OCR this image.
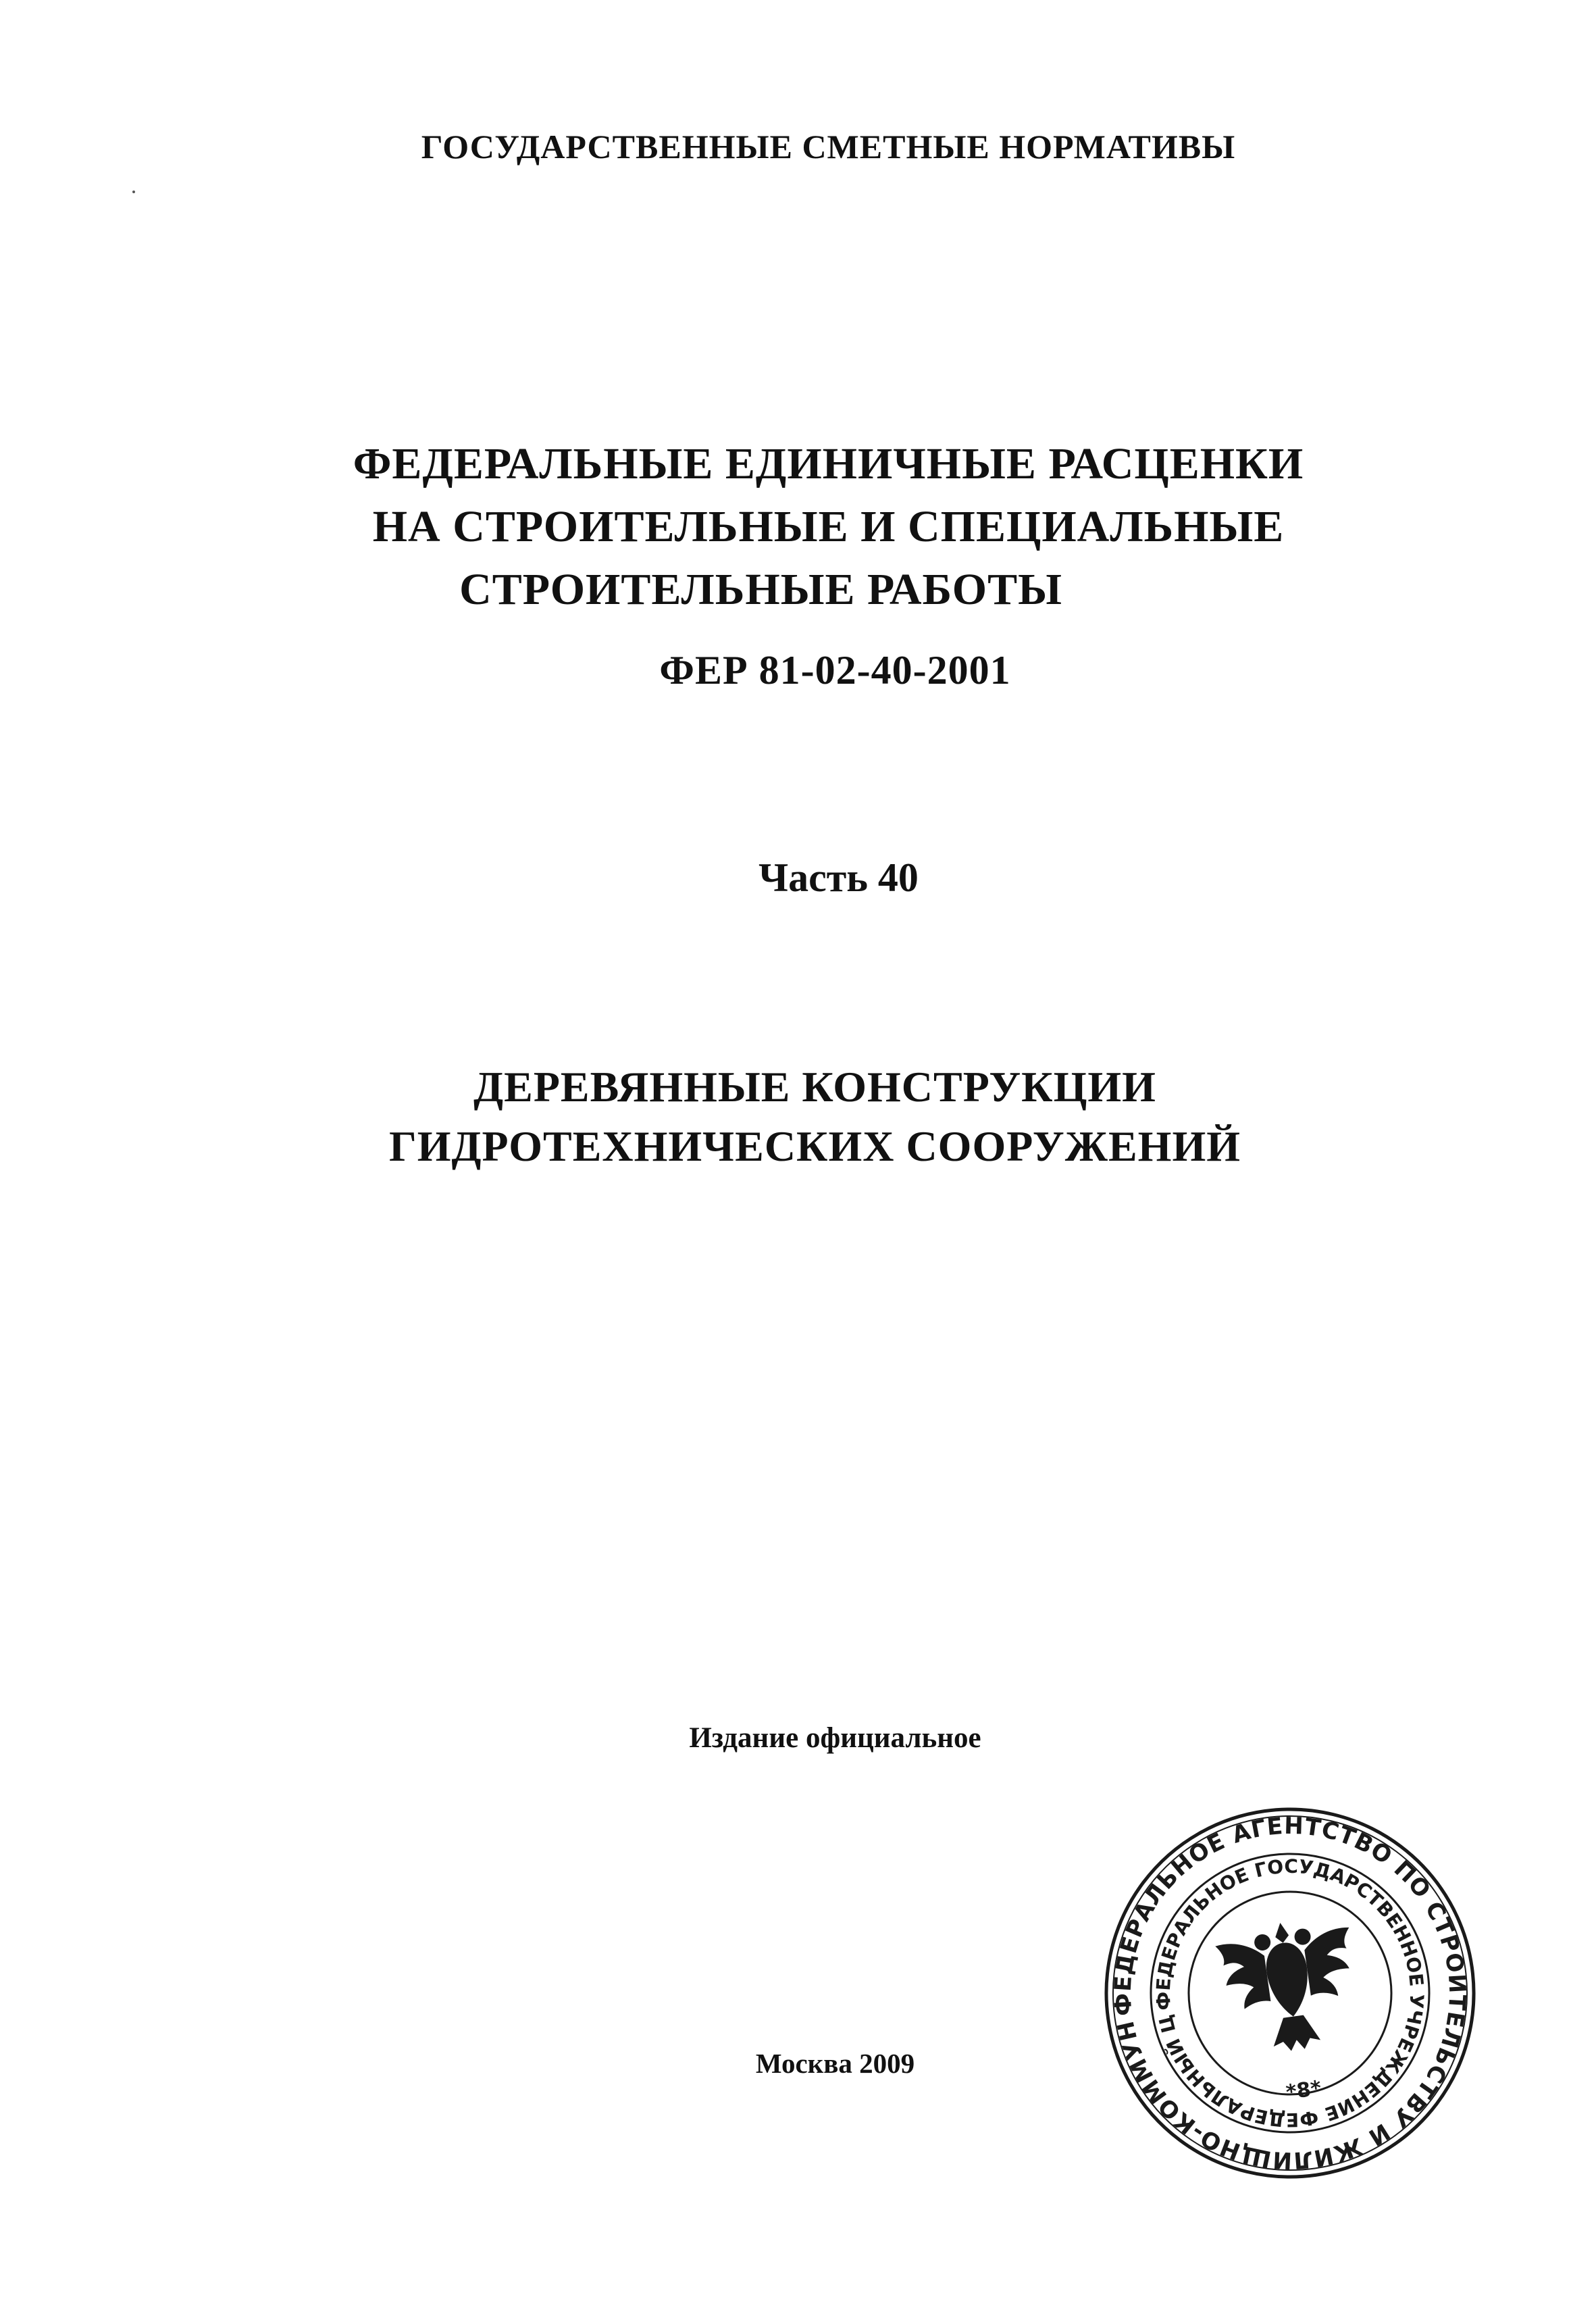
ГОСУДАРСТВЕННЫЕ СМЕТНЫЕ НОРМАТИВЫ
ФЕДЕРАЛЬНЫЕ ЕДИНИЧНЫЕ РАСЦЕНКИ
НА СТРОИТЕЛЬНЫЕ И СПЕЦИАЛЬНЫЕ
СТРОИТЕЛЬНЫЕ РАБОТЫ
ФЕР 81-02-40-2001
Часть 40
ДЕРЕВЯННЫЕ КОНСТРУКЦИИ
ГИДРОТЕХНИЧЕСКИХ СООРУЖЕНИЙ
Издание официальное
Москва 2009
ФЕДЕРАЛЬНОЕ АГЕНТСТВО ПО СТРОИТЕЛЬСТВУ И ЖИЛИЩНО-КОММУНАЛЬНОМУ
ФЕДЕРАЛЬНОЕ ГОСУДАРСТВЕННОЕ УЧРЕЖДЕНИЕ ФЕДЕРАЛЬНЫЙ ЦЕНТР
*8*
